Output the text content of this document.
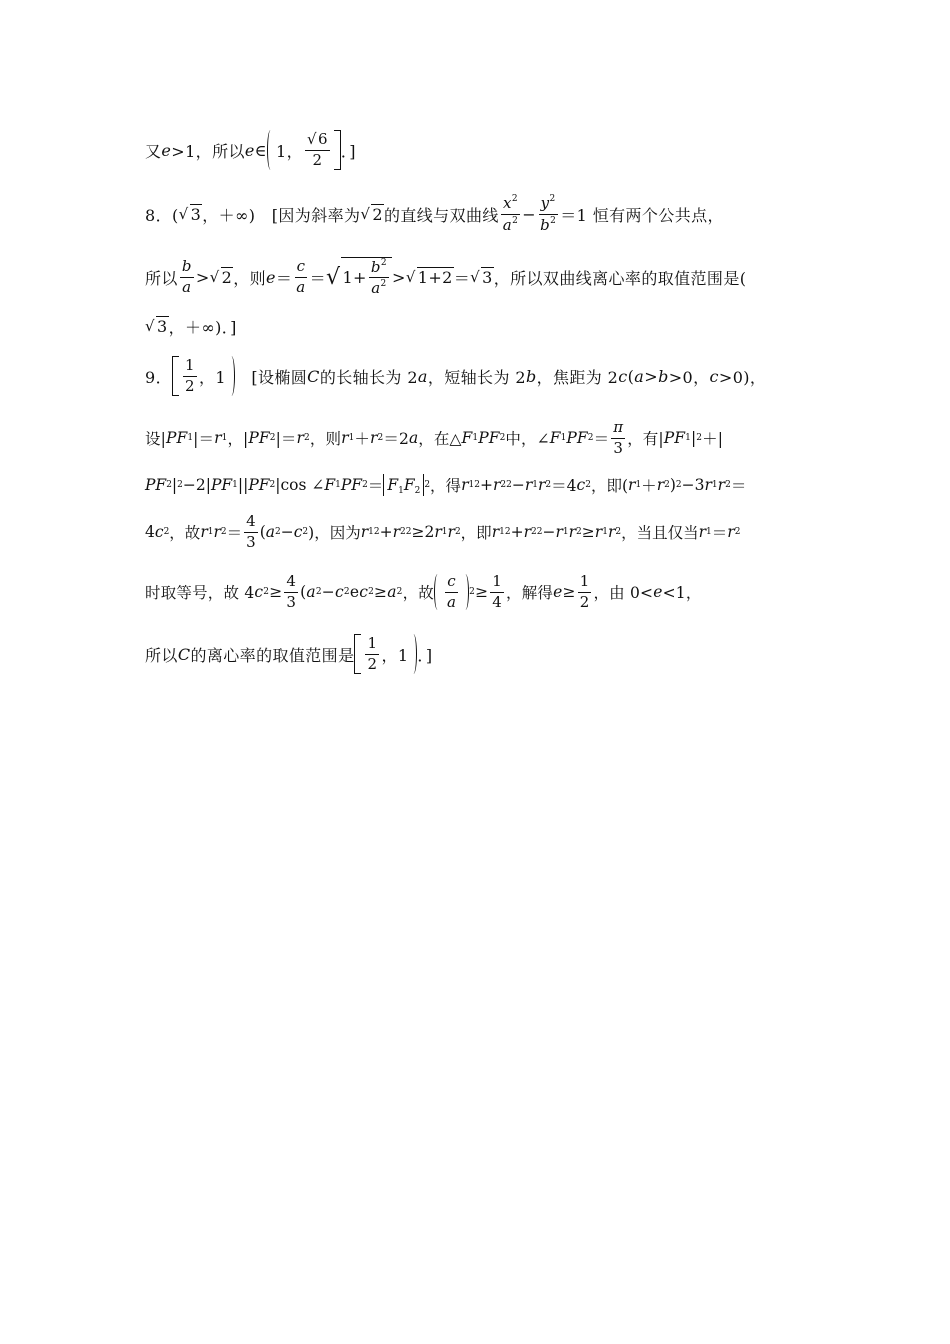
又 e >1，所以 e ∈ 1， $\frac{√ 6}{2}$ ．]
8．( √ 3 ，＋∞)　[因为斜率为 √ 2 的直线与双曲线 $\frac{x^2}{a^2} - \frac{y^2}{b^2} =1$ 恒有两个公共点，
所以 $\frac{b}{a}$ > √ 2 ，则 $e = \frac{c}{a}$ ＝ √ $1+ \frac{b^2}{a^2}$ > √ 1+2 ＝ √ 3 ，所以双曲线离心率的取值范围是(
√ 3 ，＋∞)．]
9． $\frac{1}{2}$ ，1 　[设椭圆 C 的长轴长为 2 a ，短轴长为 2 b ，焦距为 2 c ( a > b >0， c >0)，
设| PF 1 |＝ r 1 ，| PF 2 |＝ r 2 ，则 r 1 ＋ r 2 ＝2 a ，在△ F 1 PF 2 中，∠ F 1 PF $2 = \frac{\pi}{3}$ ，有| PF 1 | 2 ＋|
PF 2 | 2 −2| PF 1 || PF 2 |cos ∠ F 1 PF $2 = F_1F_2$
2 ，得 r 1 2 + r 2 2 − r 1 r 2 ＝4 c 2 ，即( r 1 ＋ r 2 ) 2 −3 r 1 r 2 ＝
4 c 2 ，故 r 1 r $2 = \frac{4}{3}$ ( a 2 − c 2 )，因为 r 1 2 + r 2 2 ≥2 r 1 r 2 ，即 r 1 2 + r 2 2 − r 1 r 2 ≥ r 1 r 2 ，当且仅当 r 1 ＝ r 2
时取等号，故 4 c $2 \ge \frac{4}{3}$ ( a 2 − c 2 e c 2 ≥ a 2 ，故 $\frac{c}{a} 2 \ge \frac{1}{4}$ ，解得 $e \ge \frac{1}{2}$ ，由 0< e <1，
所以 C 的离心率的取值范围是 $\frac{1}{2}$ ，1 ．]
